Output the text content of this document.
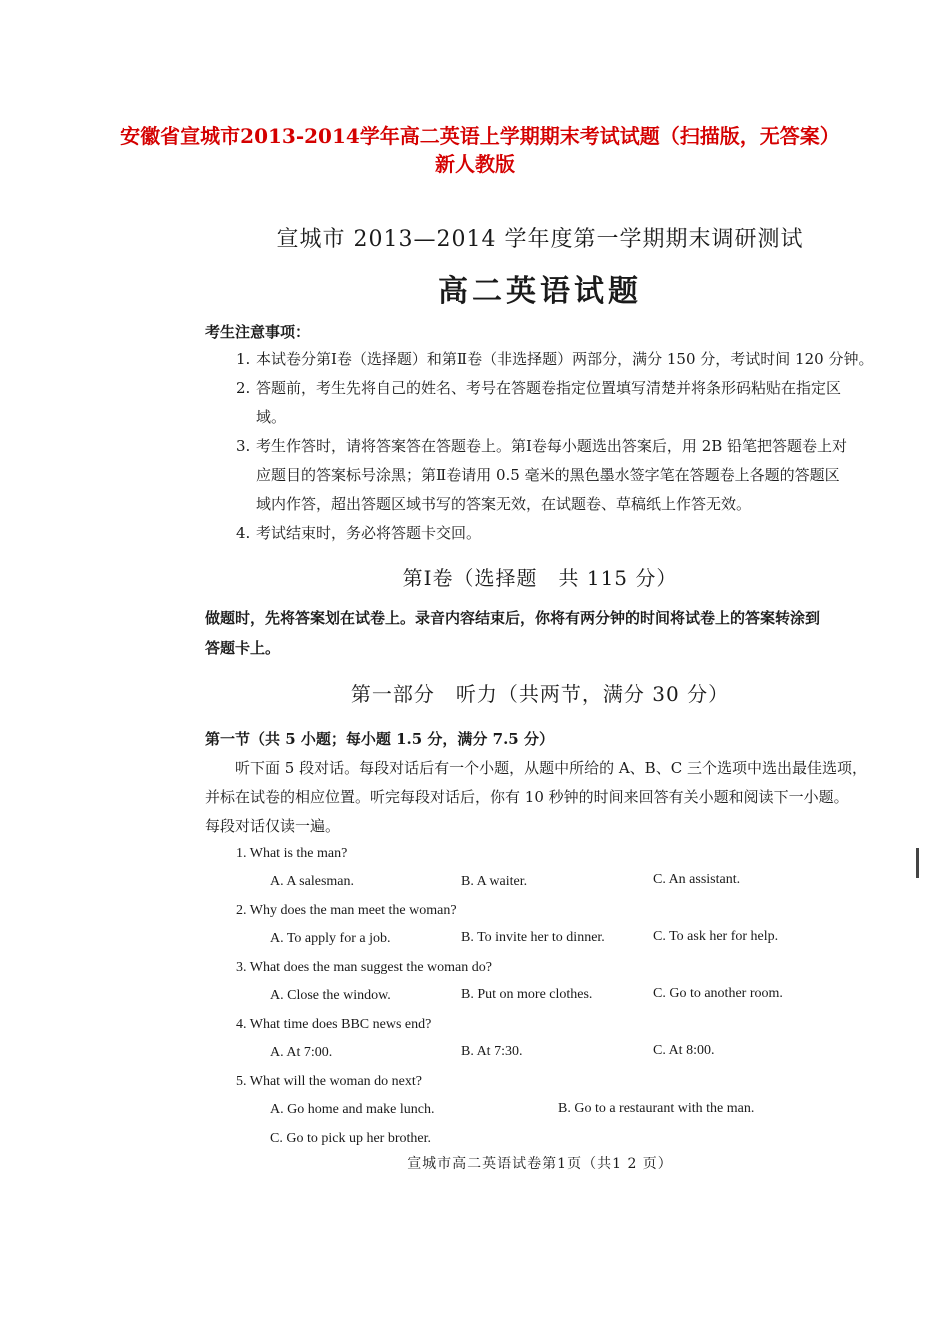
安徽省宣城市2013-2014学年高二英语上学期期末考试试题（扫描版，无答案）新人教版
宣城市 2013—2014 学年度第一学期期末调研测试
高二英语试题
考生注意事项：
1. 本试卷分第Ⅰ卷（选择题）和第Ⅱ卷（非选择题）两部分，满分 150 分，考试时间 120 分钟。
2. 答题前，考生先将自己的姓名、考号在答题卷指定位置填写清楚并将条形码粘贴在指定区
域。
3. 考生作答时，请将答案答在答题卷上。第Ⅰ卷每小题选出答案后，用 2B 铅笔把答题卷上对
应题目的答案标号涂黑；第Ⅱ卷请用 0.5 毫米的黑色墨水签字笔在答题卷上各题的答题区
域内作答，超出答题区域书写的答案无效，在试题卷、草稿纸上作答无效。
4. 考试结束时，务必将答题卡交回。
第Ⅰ卷（选择题　共 115 分）
做题时，先将答案划在试卷上。录音内容结束后，你将有两分钟的时间将试卷上的答案转涂到
答题卡上。
第一部分　听力（共两节，满分 30 分）
第一节（共 5 小题；每小题 1.5 分，满分 7.5 分）
听下面 5 段对话。每段对话后有一个小题，从题中所给的 A、B、C 三个选项中选出最佳选项，
并标在试卷的相应位置。听完每段对话后，你有 10 秒钟的时间来回答有关小题和阅读下一小题。
每段对话仅读一遍。
1. What is the man?
A. A salesman.	B. A waiter.	C. An assistant.
2. Why does the man meet the woman?
A. To apply for a job.	B. To invite her to dinner.	C. To ask her for help.
3. What does the man suggest the woman do?
A. Close the window.	B. Put on more clothes.	C. Go to another room.
4. What time does BBC news end?
A. At 7:00.	B. At 7:30.	C. At 8:00.
5. What will the woman do next?
A. Go home and make lunch.	B. Go to a restaurant with the man.
C. Go to pick up her brother.
宣城市高二英语试卷第1页（共1 2 页）
